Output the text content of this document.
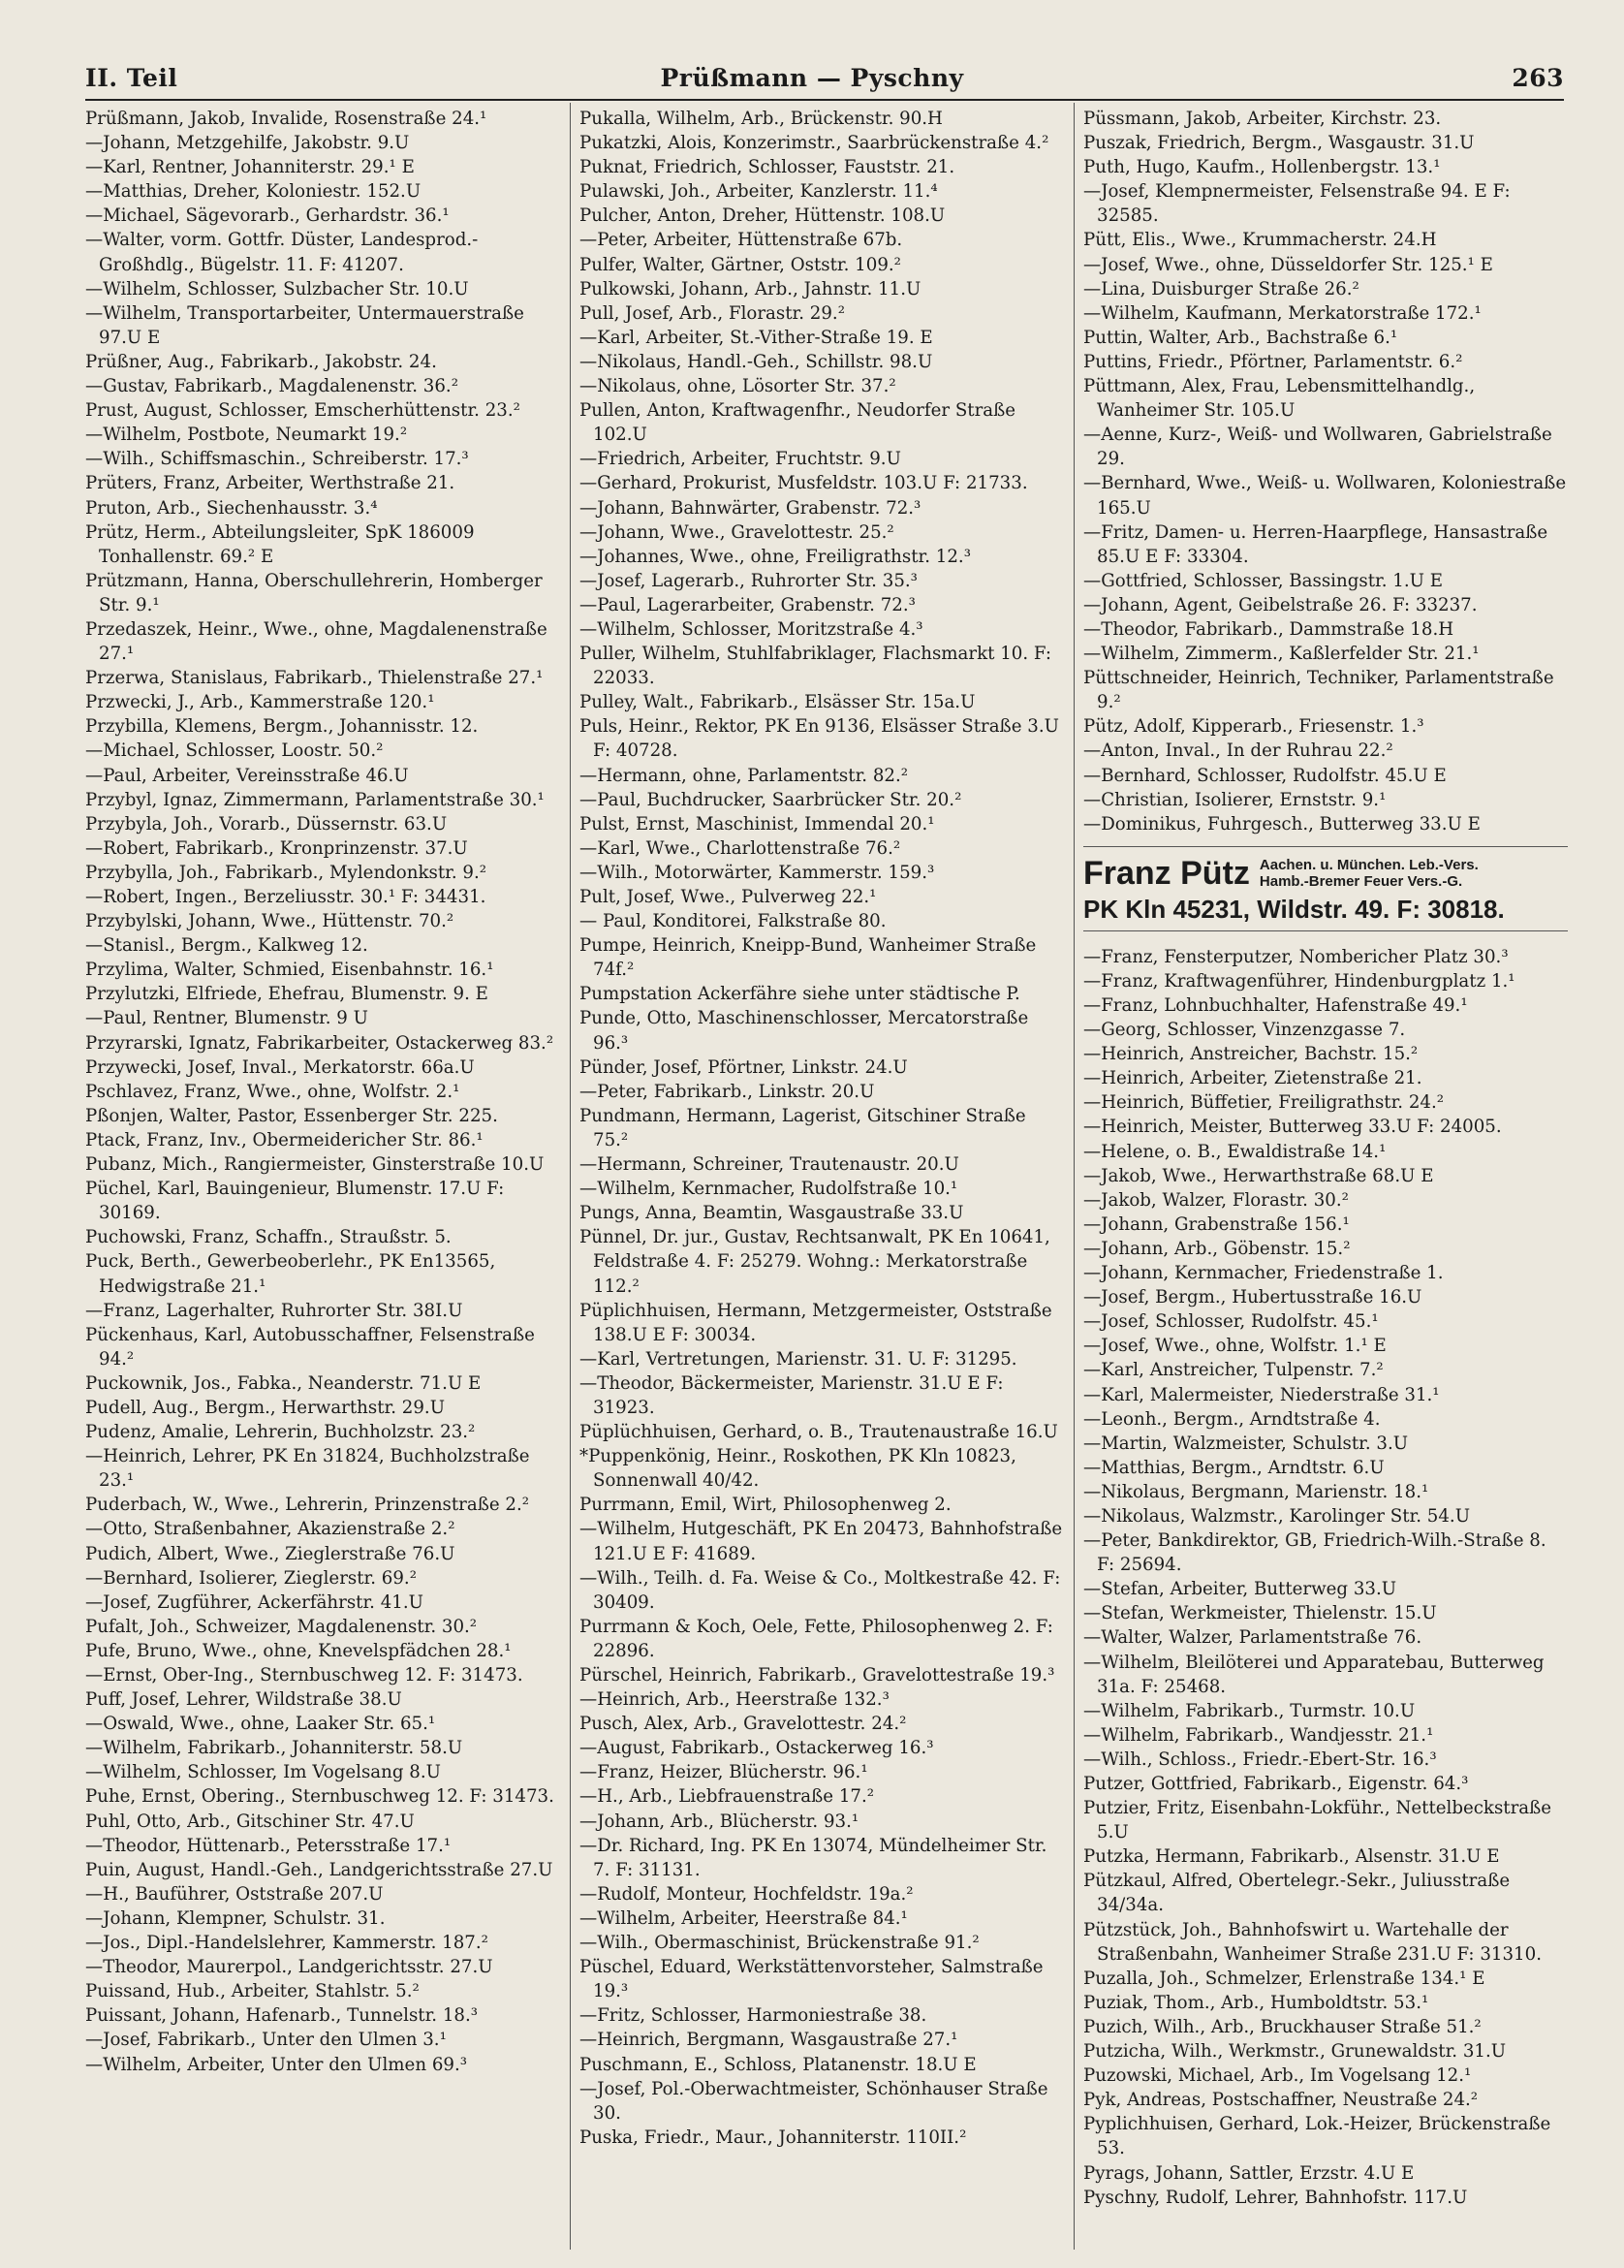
II. Teil	Prüßmann — Pyschny	263

Prüßmann, Jakob, Invalide, Rosenstraße 24.¹

—Johann, Metzgehilfe, Jakobstr. 9.U

—Karl, Rentner, Johanniterstr. 29.¹ E

—Matthias, Dreher, Koloniestr. 152.U

—Michael, Sägevorarb., Gerhardstr. 36.¹

—Walter, vorm. Gottfr. Düster, Landesprod.-Großhdlg., Bügelstr. 11. F: 41207.

—Wilhelm, Schlosser, Sulzbacher Str. 10.U

—Wilhelm, Transportarbeiter, Untermauerstraße 97.U E

Prüßner, Aug., Fabrikarb., Jakobstr. 24.

—Gustav, Fabrikarb., Magdalenenstr. 36.²

Prust, August, Schlosser, Emscherhüttenstr. 23.²

—Wilhelm, Postbote, Neumarkt 19.²

—Wilh., Schiffsmaschin., Schreiberstr. 17.³

Prüters, Franz, Arbeiter, Werthstraße 21.

Pruton, Arb., Siechenhausstr. 3.⁴

Prütz, Herm., Abteilungsleiter, SpK 186009 Tonhallenstr. 69.² E

Prützmann, Hanna, Oberschullehrerin, Homberger Str. 9.¹

Przedaszek, Heinr., Wwe., ohne, Magdalenenstraße 27.¹

Przerwa, Stanislaus, Fabrikarb., Thielenstraße 27.¹

Przwecki, J., Arb., Kammerstraße 120.¹

Przybilla, Klemens, Bergm., Johannisstr. 12.

—Michael, Schlosser, Loostr. 50.²

—Paul, Arbeiter, Vereinsstraße 46.U

Przybyl, Ignaz, Zimmermann, Parlamentstraße 30.¹

Przybyla, Joh., Vorarb., Düssernstr. 63.U

—Robert, Fabrikarb., Kronprinzenstr. 37.U

Przybylla, Joh., Fabrikarb., Mylendonkstr. 9.²

—Robert, Ingen., Berzeliusstr. 30.¹ F: 34431.

Przybylski, Johann, Wwe., Hüttenstr. 70.²

—Stanisl., Bergm., Kalkweg 12.

Przylima, Walter, Schmied, Eisenbahnstr. 16.¹

Przylutzki, Elfriede, Ehefrau, Blumenstr. 9. E

—Paul, Rentner, Blumenstr. 9 U

Przyrarski, Ignatz, Fabrikarbeiter, Ostackerweg 83.²

Przywecki, Josef, Inval., Merkatorstr. 66a.U

Pschlavez, Franz, Wwe., ohne, Wolfstr. 2.¹

Pßonjen, Walter, Pastor, Essenberger Str. 225.

Ptack, Franz, Inv., Obermeidericher Str. 86.¹

Pubanz, Mich., Rangiermeister, Ginsterstraße 10.U

Püchel, Karl, Bauingenieur, Blumenstr. 17.U F: 30169.

Puchowski, Franz, Schaffn., Straußstr. 5.

Puck, Berth., Gewerbeoberlehr., PK En13565, Hedwigstraße 21.¹

—Franz, Lagerhalter, Ruhrorter Str. 38I.U

Pückenhaus, Karl, Autobusschaffner, Felsenstraße 94.²

Puckownik, Jos., Fabka., Neanderstr. 71.U E

Pudell, Aug., Bergm., Herwarthstr. 29.U

Pudenz, Amalie, Lehrerin, Buchholzstr. 23.²

—Heinrich, Lehrer, PK En 31824, Buchholzstraße 23.¹

Puderbach, W., Wwe., Lehrerin, Prinzenstraße 2.²

—Otto, Straßenbahner, Akazienstraße 2.²

Pudich, Albert, Wwe., Zieglerstraße 76.U

—Bernhard, Isolierer, Zieglerstr. 69.²

—Josef, Zugführer, Ackerfährstr. 41.U

Pufalt, Joh., Schweizer, Magdalenenstr. 30.²

Pufe, Bruno, Wwe., ohne, Knevelspfädchen 28.¹

—Ernst, Ober-Ing., Sternbuschweg 12. F: 31473.

Puff, Josef, Lehrer, Wildstraße 38.U

—Oswald, Wwe., ohne, Laaker Str. 65.¹

—Wilhelm, Fabrikarb., Johanniterstr. 58.U

—Wilhelm, Schlosser, Im Vogelsang 8.U

Puhe, Ernst, Obering., Sternbuschweg 12. F: 31473.

Puhl, Otto, Arb., Gitschiner Str. 47.U

—Theodor, Hüttenarb., Petersstraße 17.¹

Puin, August, Handl.-Geh., Landgerichtsstraße 27.U

—H., Bauführer, Oststraße 207.U

—Johann, Klempner, Schulstr. 31.

—Jos., Dipl.-Handelslehrer, Kammerstr. 187.²

—Theodor, Maurerpol., Landgerichtsstr. 27.U

Puissand, Hub., Arbeiter, Stahlstr. 5.²

Puissant, Johann, Hafenarb., Tunnelstr. 18.³

—Josef, Fabrikarb., Unter den Ulmen 3.¹

—Wilhelm, Arbeiter, Unter den Ulmen 69.³

Pukalla, Wilhelm, Arb., Brückenstr. 90.H

Pukatzki, Alois, Konzerimstr., Saarbrückenstraße 4.²

Puknat, Friedrich, Schlosser, Fauststr. 21.

Pulawski, Joh., Arbeiter, Kanzlerstr. 11.⁴

Pulcher, Anton, Dreher, Hüttenstr. 108.U

—Peter, Arbeiter, Hüttenstraße 67b.

Pulfer, Walter, Gärtner, Oststr. 109.²

Pulkowski, Johann, Arb., Jahnstr. 11.U

Pull, Josef, Arb., Florastr. 29.²

—Karl, Arbeiter, St.-Vither-Straße 19. E

—Nikolaus, Handl.-Geh., Schillstr. 98.U

—Nikolaus, ohne, Lösorter Str. 37.²

Pullen, Anton, Kraftwagenfhr., Neudorfer Straße 102.U

—Friedrich, Arbeiter, Fruchtstr. 9.U

—Gerhard, Prokurist, Musfeldstr. 103.U F: 21733.

—Johann, Bahnwärter, Grabenstr. 72.³

—Johann, Wwe., Gravelottestr. 25.²

—Johannes, Wwe., ohne, Freiligrathstr. 12.³

—Josef, Lagerarb., Ruhrorter Str. 35.³

—Paul, Lagerarbeiter, Grabenstr. 72.³

—Wilhelm, Schlosser, Moritzstraße 4.³

Puller, Wilhelm, Stuhlfabriklager, Flachsmarkt 10. F: 22033.

Pulley, Walt., Fabrikarb., Elsässer Str. 15a.U

Puls, Heinr., Rektor, PK En 9136, Elsässer Straße 3.U F: 40728.

—Hermann, ohne, Parlamentstr. 82.²

—Paul, Buchdrucker, Saarbrücker Str. 20.²

Pulst, Ernst, Maschinist, Immendal 20.¹

—Karl, Wwe., Charlottenstraße 76.²

—Wilh., Motorwärter, Kammerstr. 159.³

Pult, Josef, Wwe., Pulverweg 22.¹

— Paul, Konditorei, Falkstraße 80.

Pumpe, Heinrich, Kneipp-Bund, Wanheimer Straße 74f.²

Pumpstation Ackerfähre siehe unter städtische P.

Punde, Otto, Maschinenschlosser, Mercatorstraße 96.³

Pünder, Josef, Pförtner, Linkstr. 24.U

—Peter, Fabrikarb., Linkstr. 20.U

Pundmann, Hermann, Lagerist, Gitschiner Straße 75.²

—Hermann, Schreiner, Trautenaustr. 20.U

—Wilhelm, Kernmacher, Rudolfstraße 10.¹

Pungs, Anna, Beamtin, Wasgaustraße 33.U

Pünnel, Dr. jur., Gustav, Rechtsanwalt, PK En 10641, Feldstraße 4. F: 25279. Wohng.: Merkatorstraße 112.²

Püplichhuisen, Hermann, Metzgermeister, Oststraße 138.U E F: 30034.

—Karl, Vertretungen, Marienstr. 31. U. F: 31295.

—Theodor, Bäckermeister, Marienstr. 31.U E F: 31923.

Püplüchhuisen, Gerhard, o. B., Trautenaustraße 16.U

*Puppenkönig, Heinr., Roskothen, PK Kln 10823, Sonnenwall 40/42.

Purrmann, Emil, Wirt, Philosophenweg 2.

—Wilhelm, Hutgeschäft, PK En 20473, Bahnhofstraße 121.U E F: 41689.

—Wilh., Teilh. d. Fa. Weise & Co., Moltkestraße 42. F: 30409.

Purrmann & Koch, Oele, Fette, Philosophenweg 2. F: 22896.

Pürschel, Heinrich, Fabrikarb., Gravelottestraße 19.³

—Heinrich, Arb., Heerstraße 132.³

Pusch, Alex, Arb., Gravelottestr. 24.²

—August, Fabrikarb., Ostackerweg 16.³

—Franz, Heizer, Blücherstr. 96.¹

—H., Arb., Liebfrauenstraße 17.²

—Johann, Arb., Blücherstr. 93.¹

—Dr. Richard, Ing. PK En 13074, Mündelheimer Str. 7. F: 31131.

—Rudolf, Monteur, Hochfeldstr. 19a.²

—Wilhelm, Arbeiter, Heerstraße 84.¹

—Wilh., Obermaschinist, Brückenstraße 91.²

Püschel, Eduard, Werkstättenvorsteher, Salmstraße 19.³

—Fritz, Schlosser, Harmoniestraße 38.

—Heinrich, Bergmann, Wasgaustraße 27.¹

Puschmann, E., Schloss, Platanenstr. 18.U E

—Josef, Pol.-Oberwachtmeister, Schönhauser Straße 30.

Puska, Friedr., Maur., Johanniterstr. 110II.²

Püssmann, Jakob, Arbeiter, Kirchstr. 23.

Puszak, Friedrich, Bergm., Wasgaustr. 31.U

Puth, Hugo, Kaufm., Hollenbergstr. 13.¹

—Josef, Klempnermeister, Felsenstraße 94. E F: 32585.

Pütt, Elis., Wwe., Krummacherstr. 24.H

—Josef, Wwe., ohne, Düsseldorfer Str. 125.¹ E

—Lina, Duisburger Straße 26.²

—Wilhelm, Kaufmann, Merkatorstraße 172.¹

Puttin, Walter, Arb., Bachstraße 6.¹

Puttins, Friedr., Pförtner, Parlamentstr. 6.²

Püttmann, Alex, Frau, Lebensmittelhandlg., Wanheimer Str. 105.U

—Aenne, Kurz-, Weiß- und Wollwaren, Gabrielstraße 29.

—Bernhard, Wwe., Weiß- u. Wollwaren, Koloniestraße 165.U

—Fritz, Damen- u. Herren-Haarpflege, Hansastraße 85.U E F: 33304.

—Gottfried, Schlosser, Bassingstr. 1.U E

—Johann, Agent, Geibelstraße 26. F: 33237.

—Theodor, Fabrikarb., Dammstraße 18.H

—Wilhelm, Zimmerm., Kaßlerfelder Str. 21.¹

Püttschneider, Heinrich, Techniker, Parlamentstraße 9.²

Pütz, Adolf, Kipperarb., Friesenstr. 1.³

—Anton, Inval., In der Ruhrau 22.²

—Bernhard, Schlosser, Rudolfstr. 45.U E

—Christian, Isolierer, Ernststr. 9.¹

—Dominikus, Fuhrgesch., Butterweg 33.U E

Franz Pütz Aachen. u. München. Leb.-Vers.
Hamb.-Bremer Feuer Vers.-G.
PK Kln 45231, Wildstr. 49. F: 30818.

—Franz, Fensterputzer, Nombericher Platz 30.³

—Franz, Kraftwagenführer, Hindenburgplatz 1.¹

—Franz, Lohnbuchhalter, Hafenstraße 49.¹

—Georg, Schlosser, Vinzenzgasse 7.

—Heinrich, Anstreicher, Bachstr. 15.²

—Heinrich, Arbeiter, Zietenstraße 21.

—Heinrich, Büffetier, Freiligrathstr. 24.²

—Heinrich, Meister, Butterweg 33.U F: 24005.

—Helene, o. B., Ewaldistraße 14.¹

—Jakob, Wwe., Herwarthstraße 68.U E

—Jakob, Walzer, Florastr. 30.²

—Johann, Grabenstraße 156.¹

—Johann, Arb., Göbenstr. 15.²

—Johann, Kernmacher, Friedenstraße 1.

—Josef, Bergm., Hubertusstraße 16.U

—Josef, Schlosser, Rudolfstr. 45.¹

—Josef, Wwe., ohne, Wolfstr. 1.¹ E

—Karl, Anstreicher, Tulpenstr. 7.²

—Karl, Malermeister, Niederstraße 31.¹

—Leonh., Bergm., Arndtstraße 4.

—Martin, Walzmeister, Schulstr. 3.U

—Matthias, Bergm., Arndtstr. 6.U

—Nikolaus, Bergmann, Marienstr. 18.¹

—Nikolaus, Walzmstr., Karolinger Str. 54.U

—Peter, Bankdirektor, GB, Friedrich-Wilh.-Straße 8. F: 25694.

—Stefan, Arbeiter, Butterweg 33.U

—Stefan, Werkmeister, Thielenstr. 15.U

—Walter, Walzer, Parlamentstraße 76.

—Wilhelm, Bleilöterei und Apparatebau, Butterweg 31a. F: 25468.

—Wilhelm, Fabrikarb., Turmstr. 10.U

—Wilhelm, Fabrikarb., Wandjesstr. 21.¹

—Wilh., Schloss., Friedr.-Ebert-Str. 16.³

Putzer, Gottfried, Fabrikarb., Eigenstr. 64.³

Putzier, Fritz, Eisenbahn-Lokführ., Nettelbeckstraße 5.U

Putzka, Hermann, Fabrikarb., Alsenstr. 31.U E

Pützkaul, Alfred, Obertelegr.-Sekr., Juliusstraße 34/34a.

Pützstück, Joh., Bahnhofswirt u. Wartehalle der Straßenbahn, Wanheimer Straße 231.U F: 31310.

Puzalla, Joh., Schmelzer, Erlenstraße 134.¹ E

Puziak, Thom., Arb., Humboldtstr. 53.¹

Puzich, Wilh., Arb., Bruckhauser Straße 51.²

Putzicha, Wilh., Werkmstr., Grunewaldstr. 31.U

Puzowski, Michael, Arb., Im Vogelsang 12.¹

Pyk, Andreas, Postschaffner, Neustraße 24.²

Pyplichhuisen, Gerhard, Lok.-Heizer, Brückenstraße 53.

Pyrags, Johann, Sattler, Erzstr. 4.U E

Pyschny, Rudolf, Lehrer, Bahnhofstr. 117.U
